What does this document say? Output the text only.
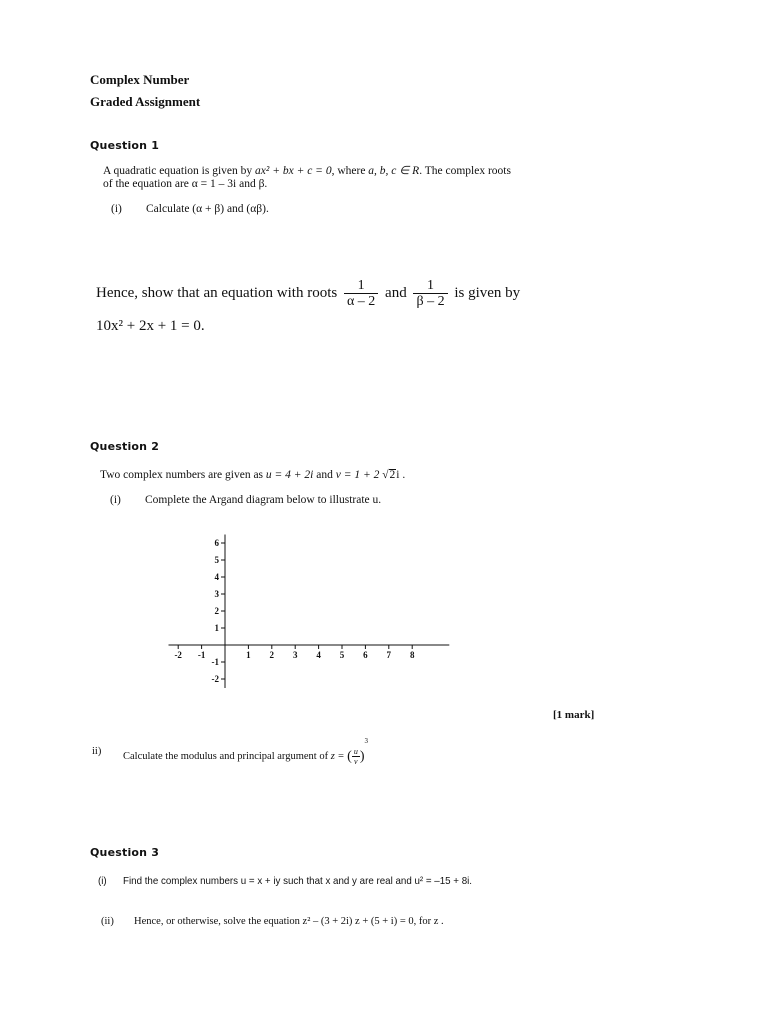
Complex Number
Graded Assignment
Question 1
A quadratic equation is given by ax² + bx + c = 0, where a, b, c ∈ R. The complex roots
of the equation are α = 1 – 3i and β.
(i) Calculate (α + β) and (αβ).
Hence, show that an equation with roots $\frac{1}{\alpha - 2}$ and $\frac{1}{\beta - 2}$ is given by
10x² + 2x + 1 = 0.
Question 2
Two complex numbers are given as u = 4 + 2i and v = 1 + 2 √2i .
(i) Complete the Argand diagram below to illustrate u.
-2 -1	1 2 3 4 5 6 7 8
6
5
4
3
2
1
-1
-2
[1 mark]
ii) Calculate the modulus and principal argument of z = ( $\frac{u}{v} )^3$
Question 3
(i) Find the complex numbers u = x + iy such that x and y are real and u² = –15 + 8i.
(ii) Hence, or otherwise, solve the equation z² – (3 + 2i) z + (5 + i) = 0, for z .
